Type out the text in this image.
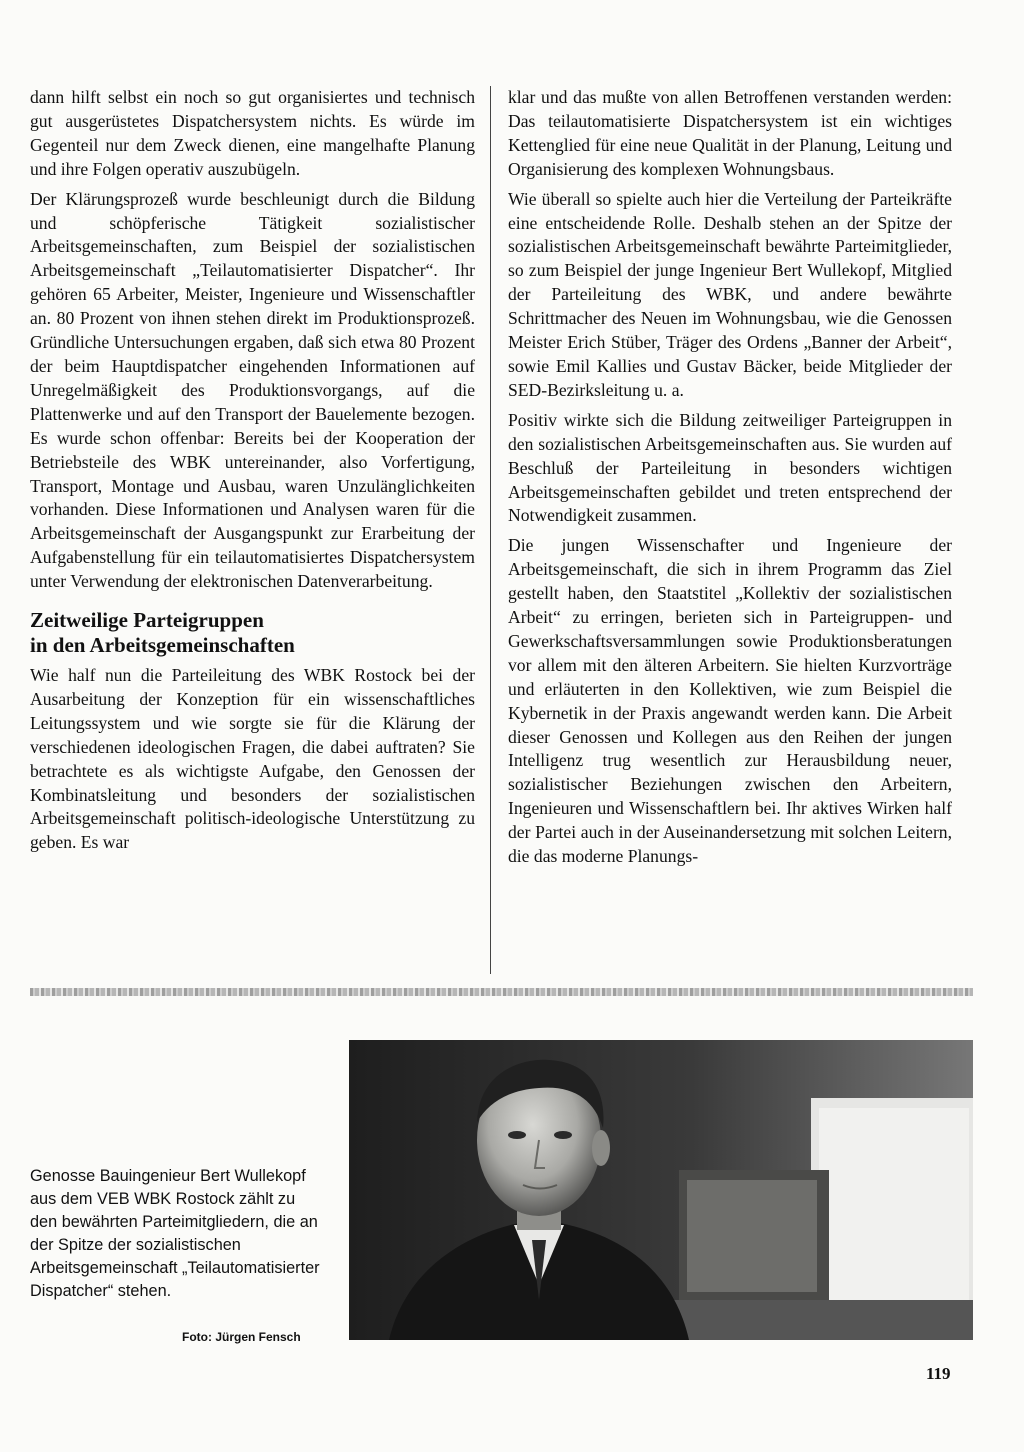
dann hilft selbst ein noch so gut organisiertes und technisch gut ausgerüstetes Dispatchersystem nichts. Es würde im Gegenteil nur dem Zweck dienen, eine mangelhafte Planung und ihre Folgen operativ auszubügeln.

Der Klärungsprozeß wurde beschleunigt durch die Bildung und schöpferische Tätigkeit sozialistischer Arbeitsgemeinschaften, zum Beispiel der sozialistischen Arbeitsgemeinschaft „Teilautomatisierter Dispatcher“. Ihr gehören 65 Arbeiter, Meister, Ingenieure und Wissenschaftler an. 80 Prozent von ihnen stehen direkt im Produktionsprozeß. Gründliche Untersuchungen ergaben, daß sich etwa 80 Prozent der beim Hauptdispatcher eingehenden Informationen auf Unregelmäßigkeit des Produktionsvorgangs, auf die Plattenwerke und auf den Transport der Bauelemente bezogen. Es wurde schon offenbar: Bereits bei der Kooperation der Betriebsteile des WBK untereinander, also Vorfertigung, Transport, Montage und Ausbau, waren Unzulänglichkeiten vorhanden. Diese Informationen und Analysen waren für die Arbeitsgemeinschaft der Ausgangspunkt zur Erarbeitung der Aufgabenstellung für ein teilautomatisiertes Dispatchersystem unter Verwendung der elektronischen Datenverarbeitung.

Zeitweilige Parteigruppen
in den Arbeitsgemeinschaften

Wie half nun die Parteileitung des WBK Rostock bei der Ausarbeitung der Konzeption für ein wissenschaftliches Leitungssystem und wie sorgte sie für die Klärung der verschiedenen ideologischen Fragen, die dabei auftraten? Sie betrachtete es als wichtigste Aufgabe, den Genossen der Kombinatsleitung und besonders der sozialistischen Arbeitsgemeinschaft politisch-ideologische Unterstützung zu geben. Es war

klar und das mußte von allen Betroffenen verstanden werden: Das teilautomatisierte Dispatchersystem ist ein wichtiges Kettenglied für eine neue Qualität in der Planung, Leitung und Organisierung des komplexen Wohnungsbaus.

Wie überall so spielte auch hier die Verteilung der Parteikräfte eine entscheidende Rolle. Deshalb stehen an der Spitze der sozialistischen Arbeitsgemeinschaft bewährte Parteimitglieder, so zum Beispiel der junge Ingenieur Bert Wullekopf, Mitglied der Parteileitung des WBK, und andere bewährte Schrittmacher des Neuen im Wohnungsbau, wie die Genossen Meister Erich Stüber, Träger des Ordens „Banner der Arbeit“, sowie Emil Kallies und Gustav Bäcker, beide Mitglieder der SED-Bezirksleitung u. a.

Positiv wirkte sich die Bildung zeitweiliger Parteigruppen in den sozialistischen Arbeitsgemeinschaften aus. Sie wurden auf Beschluß der Parteileitung in besonders wichtigen Arbeitsgemeinschaften gebildet und treten entsprechend der Notwendigkeit zusammen.

Die jungen Wissenschafter und Ingenieure der Arbeitsgemeinschaft, die sich in ihrem Programm das Ziel gestellt haben, den Staatstitel „Kollektiv der sozialistischen Arbeit“ zu erringen, berieten sich in Parteigruppen- und Gewerkschaftsversammlungen sowie Produktionsberatungen vor allem mit den älteren Arbeitern. Sie hielten Kurzvorträge und erläuterten in den Kollektiven, wie zum Beispiel die Kybernetik in der Praxis angewandt werden kann. Die Arbeit dieser Genossen und Kollegen aus den Reihen der jungen Intelligenz trug wesentlich zur Herausbildung neuer, sozialistischer Beziehungen zwischen den Arbeitern, Ingenieuren und Wissenschaftlern bei. Ihr aktives Wirken half der Partei auch in der Auseinandersetzung mit solchen Leitern, die das moderne Planungs-

Genosse Bauingenieur Bert Wullekopf aus dem VEB WBK Rostock zählt zu den bewährten Parteimitgliedern, die an der Spitze der sozialistischen Arbeitsgemeinschaft „Teilautomatisierter Dispatcher“ stehen.
Foto: Jürgen Fensch
119
